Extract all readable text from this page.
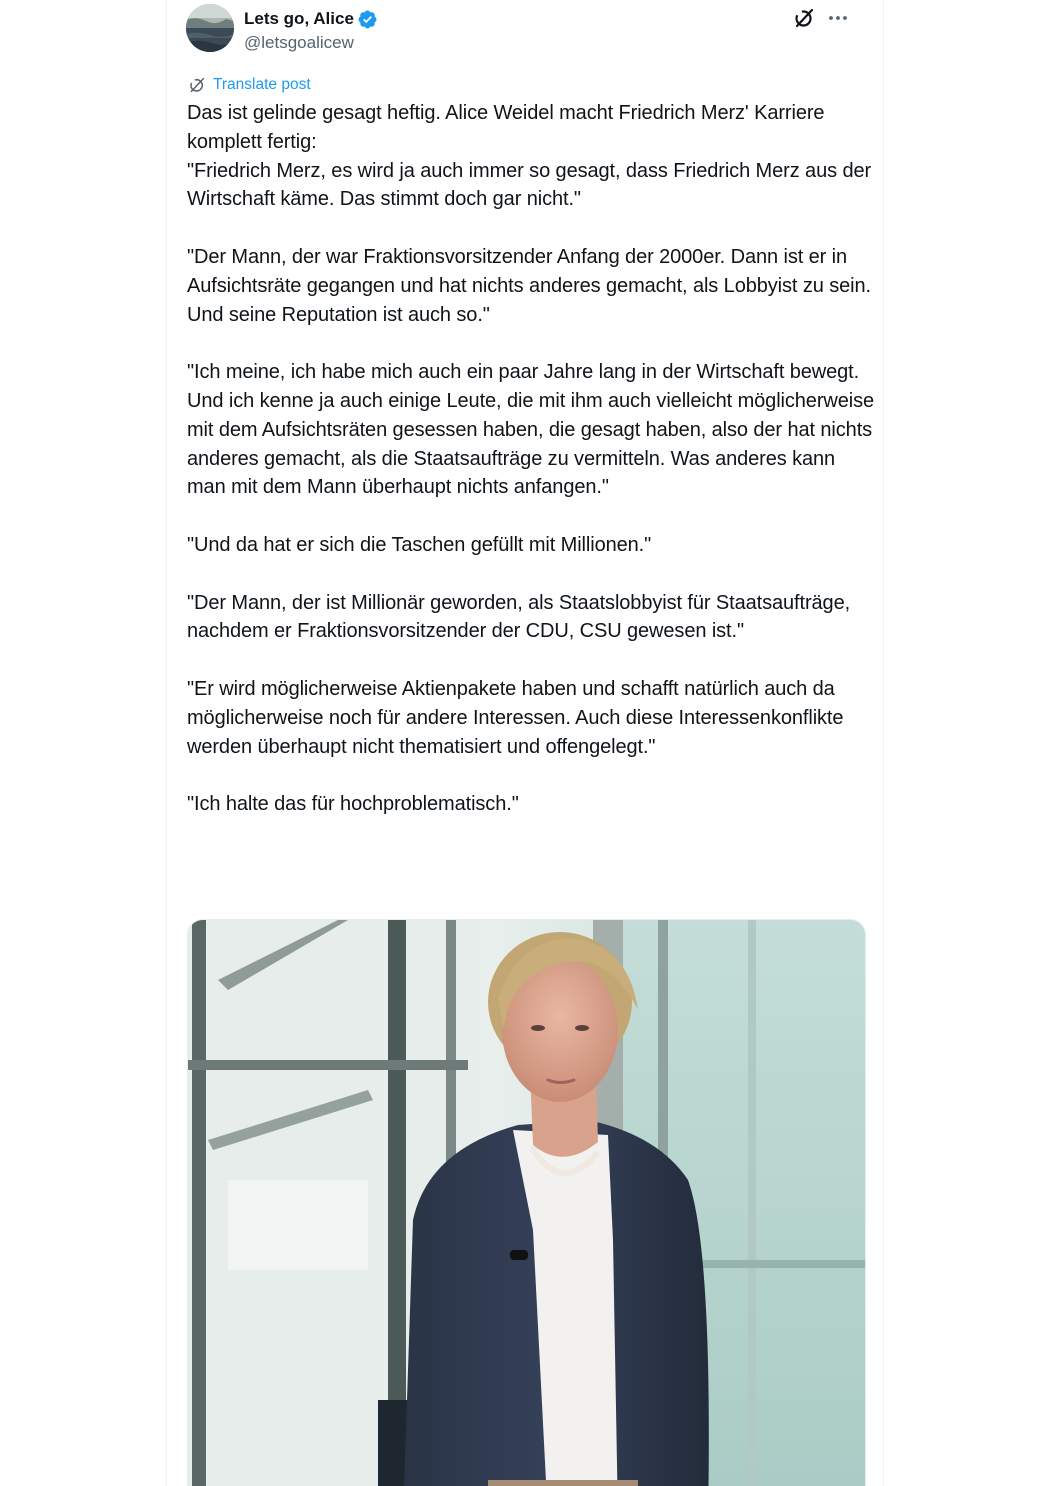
Lets go, Alice
@letsgoalicew
Translate post

Das ist gelinde gesagt heftig. Alice Weidel macht Friedrich Merz' Karriere komplett fertig:
"Friedrich Merz, es wird ja auch immer so gesagt, dass Friedrich Merz aus der Wirtschaft käme. Das stimmt doch gar nicht."

"Der Mann, der war Fraktionsvorsitzender Anfang der 2000er. Dann ist er in Aufsichtsräte gegangen und hat nichts anderes gemacht, als Lobbyist zu sein. Und seine Reputation ist auch so."

"Ich meine, ich habe mich auch ein paar Jahre lang in der Wirtschaft bewegt. Und ich kenne ja auch einige Leute, die mit ihm auch vielleicht möglicherweise mit dem Aufsichtsräten gesessen haben, die gesagt haben, also der hat nichts anderes gemacht, als die Staatsaufträge zu vermitteln. Was anderes kann man mit dem Mann überhaupt nichts anfangen."

"Und da hat er sich die Taschen gefüllt mit Millionen."

"Der Mann, der ist Millionär geworden, als Staatslobbyist für Staatsaufträge, nachdem er Fraktionsvorsitzender der CDU, CSU gewesen ist."

"Er wird möglicherweise Aktienpakete haben und schafft natürlich auch da möglicherweise noch für andere Interessen. Auch diese Interessenkonflikte werden überhaupt nicht thematisiert und offengelegt."

"Ich halte das für hochproblematisch."
